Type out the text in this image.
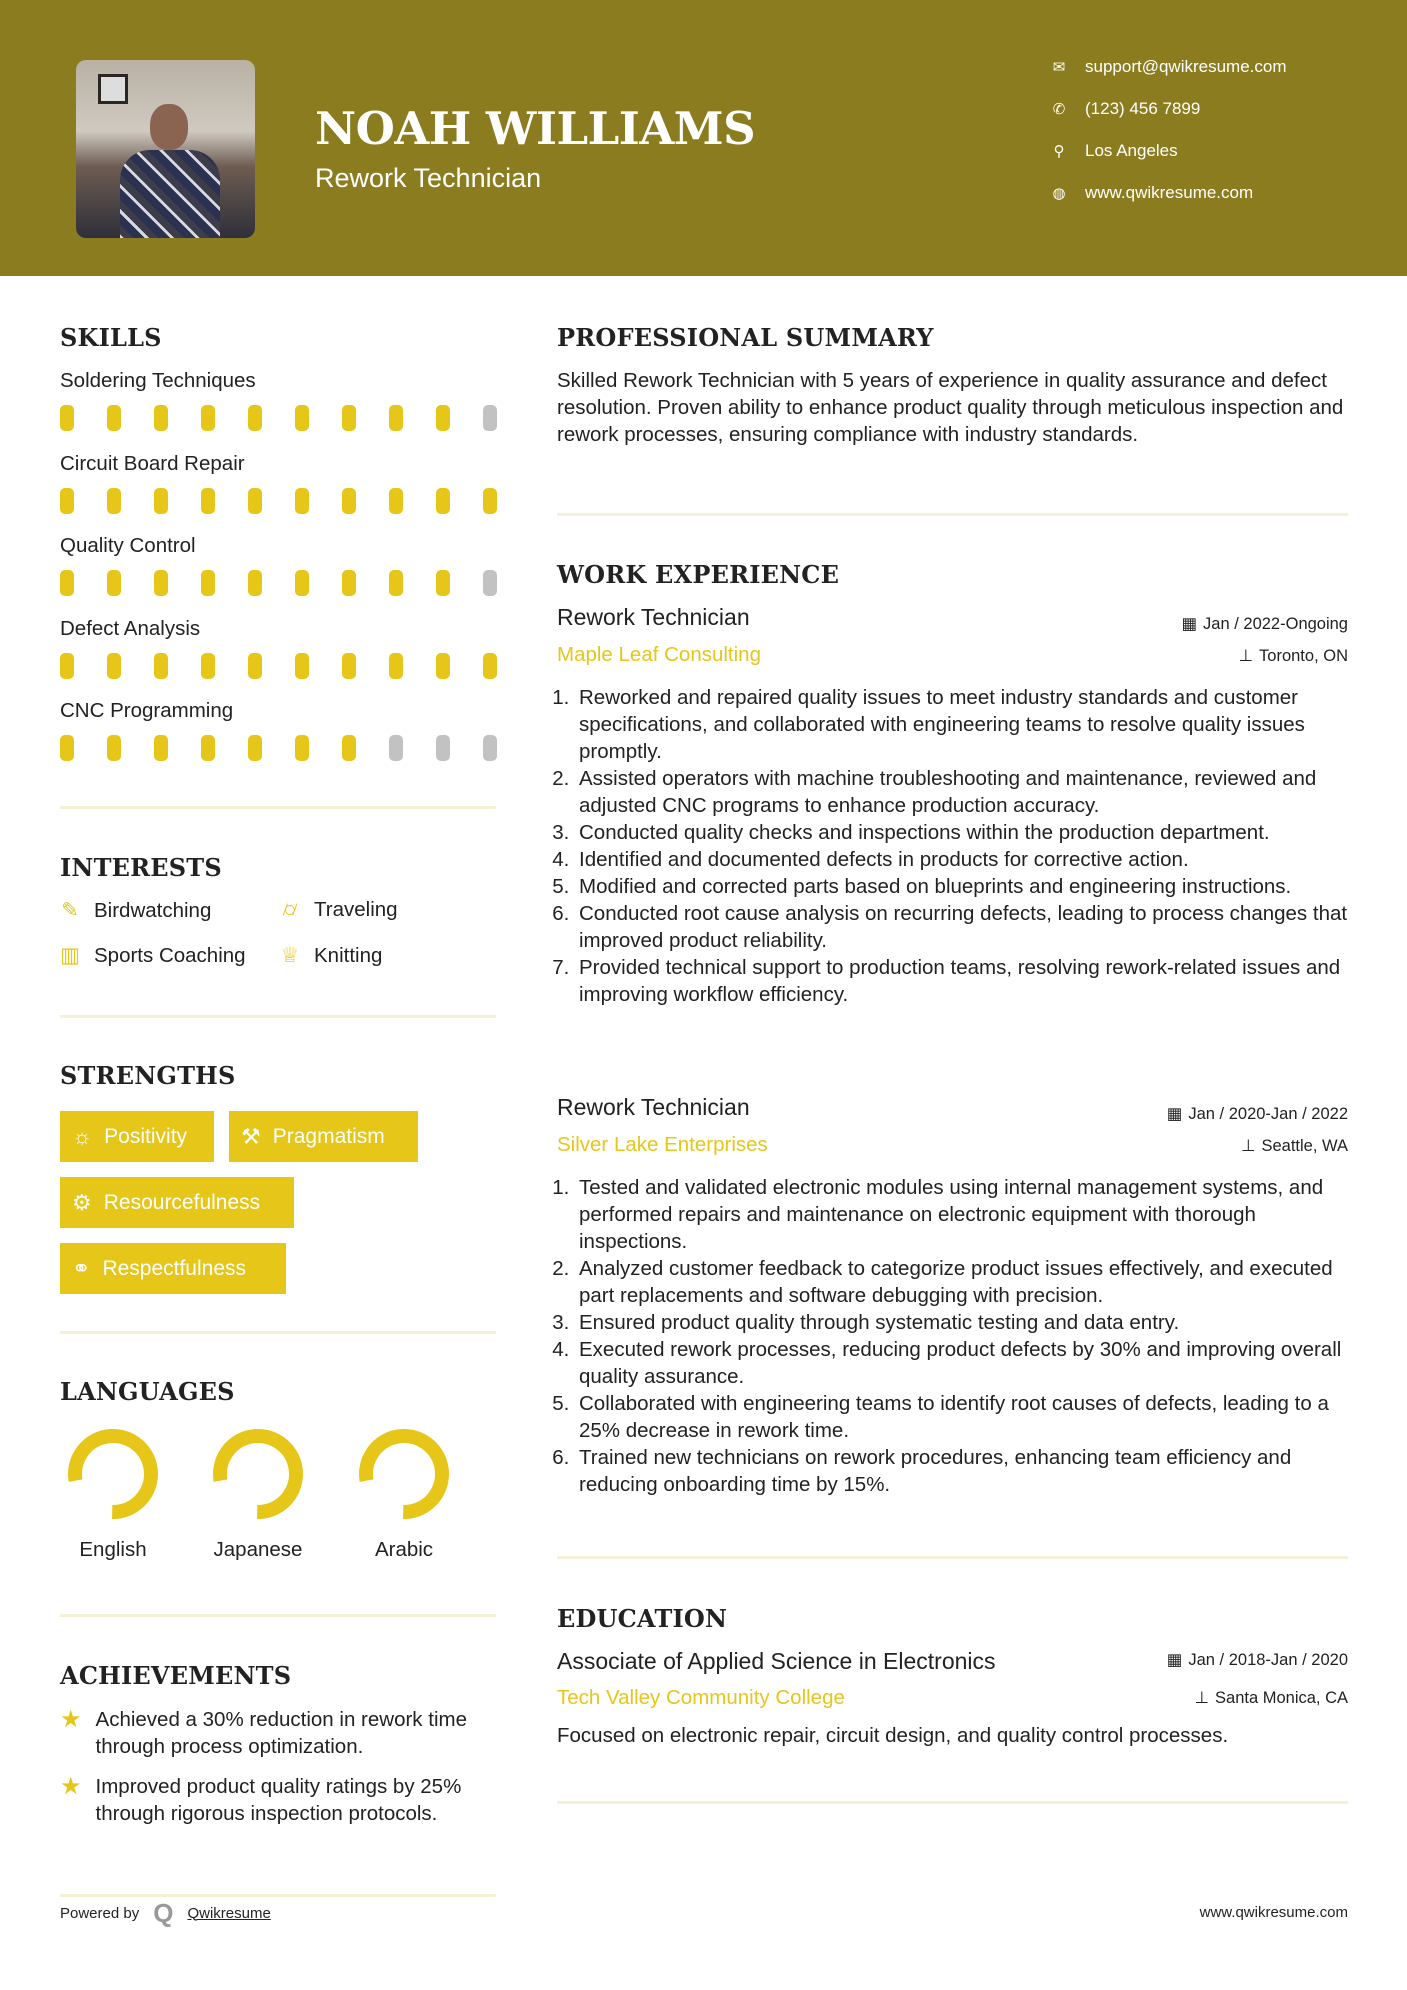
NOAH WILLIAMS
Rework Technician
✉ support@qwikresume.com
✆ (123) 456 7899
⚲ Los Angeles
◍ www.qwikresume.com
SKILLS
Soldering Techniques
Circuit Board Repair
Quality Control
Defect Analysis
CNC Programming
INTERESTS
✎ Birdwatching	⌭ Traveling
▥ Sports Coaching ♕ Knitting
STRENGTHS
☼ Positivity ⚒ Pragmatism
⚙ Resourcefulness
⚭ Respectfulness
LANGUAGES
English	Japanese	Arabic
ACHIEVEMENTS
★ Achieved a 30% reduction in rework time through process optimization.
★ Improved product quality ratings by 25% through rigorous inspection protocols.
Powered by Q Qwikresume	www.qwikresume.com
PROFESSIONAL SUMMARY
Skilled Rework Technician with 5 years of experience in quality assurance and defect resolution. Proven ability to enhance product quality through meticulous inspection and rework processes, ensuring compliance with industry standards.
WORK EXPERIENCE
Rework Technician	▦ Jan / 2022-Ongoing
Maple Leaf Consulting	⊥ Toronto, ON
1. Reworked and repaired quality issues to meet industry standards and customer specifications, and collaborated with engineering teams to resolve quality issues promptly.
2. Assisted operators with machine troubleshooting and maintenance, reviewed and adjusted CNC programs to enhance production accuracy.
3. Conducted quality checks and inspections within the production department.
4. Identified and documented defects in products for corrective action.
5. Modified and corrected parts based on blueprints and engineering instructions.
6. Conducted root cause analysis on recurring defects, leading to process changes that improved product reliability.
7. Provided technical support to production teams, resolving rework-related issues and improving workflow efficiency.
Rework Technician	▦ Jan / 2020-Jan / 2022
Silver Lake Enterprises	⊥ Seattle, WA
1. Tested and validated electronic modules using internal management systems, and performed repairs and maintenance on electronic equipment with thorough inspections.
2. Analyzed customer feedback to categorize product issues effectively, and executed part replacements and software debugging with precision.
3. Ensured product quality through systematic testing and data entry.
4. Executed rework processes, reducing product defects by 30% and improving overall quality assurance.
5. Collaborated with engineering teams to identify root causes of defects, leading to a 25% decrease in rework time.
6. Trained new technicians on rework procedures, enhancing team efficiency and reducing onboarding time by 15%.
EDUCATION
Associate of Applied Science in Electronics	▦ Jan / 2018-Jan / 2020
Tech Valley Community College	⊥ Santa Monica, CA
Focused on electronic repair, circuit design, and quality control processes.
